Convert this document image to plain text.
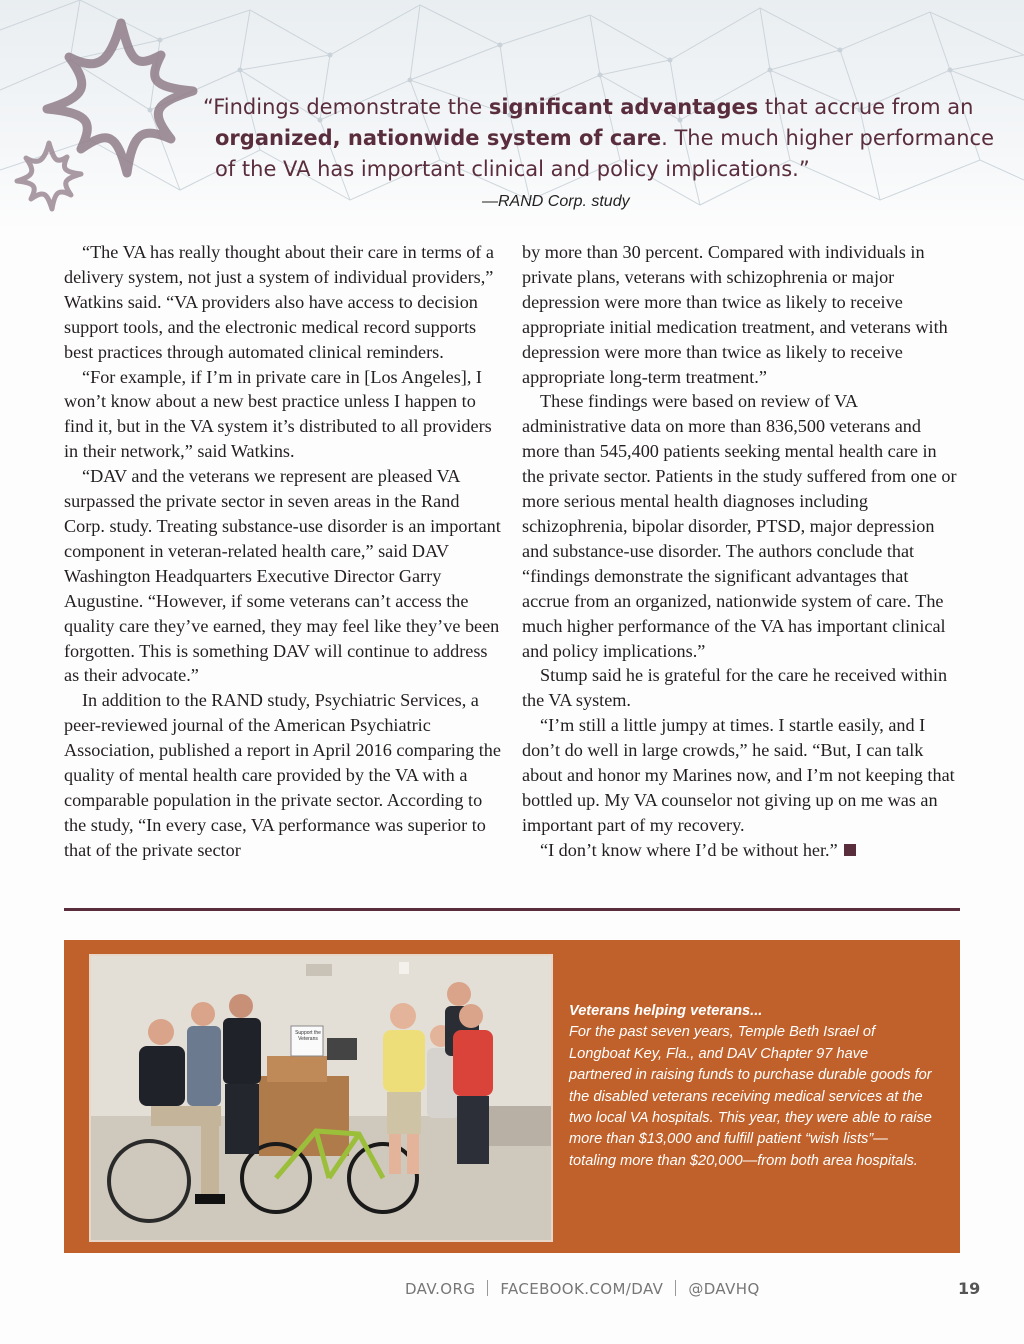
“Findings demonstrate the significant advantages that accrue from an
organized, nationwide system of care. The much higher performance
of the VA has important clinical and policy implications.”
—RAND Corp. study

“The VA has really thought about their care in terms of a delivery system, not just a system of individual providers,” Watkins said. “VA providers also have access to decision support tools, and the electronic medical record supports best practices through automated clinical reminders.

“For example, if I’m in private care in [Los Angeles], I won’t know about a new best practice unless I happen to find it, but in the VA system it’s distributed to all providers in their network,” said Watkins.

“DAV and the veterans we represent are pleased VA surpassed the private sector in seven areas in the Rand Corp. study. Treating substance-use disorder is an important component in veteran-related health care,” said DAV Washington Headquarters Executive Director Garry Augustine. “However, if some veterans can’t access the quality care they’ve earned, they may feel like they’ve been forgotten. This is something DAV will continue to address as their advocate.”

In addition to the RAND study, Psychiatric Services, a peer-reviewed journal of the American Psychiatric Association, published a report in April 2016 comparing the quality of mental health care provided by the VA with a comparable population in the private sector. According to the study, “In every case, VA performance was superior to that of the private sector

by more than 30 percent. Compared with individuals in private plans, veterans with schizophrenia or major depression were more than twice as likely to receive appropriate initial medication treatment, and veterans with depression were more than twice as likely to receive appropriate long-term treatment.”

These findings were based on review of VA administrative data on more than 836,500 veterans and more than 545,400 patients seeking mental health care in the private sector. Patients in the study suffered from one or more serious mental health diagnoses including schizophrenia, bipolar disorder, PTSD, major depression and substance-use disorder. The authors conclude that “findings demonstrate the significant advantages that accrue from an organized, nationwide system of care. The much higher performance of the VA has important clinical and policy implications.”

Stump said he is grateful for the care he received within the VA system.

“I’m still a little jumpy at times. I startle easily, and I don’t do well in large crowds,” he said. “But, I can talk about and honor my Marines now, and I’m not keeping that bottled up. My VA counselor not giving up on me was an important part of my recovery.

“I don’t know where I’d be without her.”

Support the Veterans
Veterans helping veterans...
For the past seven years, Temple Beth Israel of Longboat Key, Fla., and DAV Chapter 97 have partnered in raising funds to purchase durable goods for the disabled veterans receiving medical services at the two local VA hospitals. This year, they were able to raise more than $13,000 and fulfill patient “wish lists”—totaling more than $20,000—from both area hospitals.
DAV.ORG FACEBOOK.COM/DAV @DAVHQ	19
